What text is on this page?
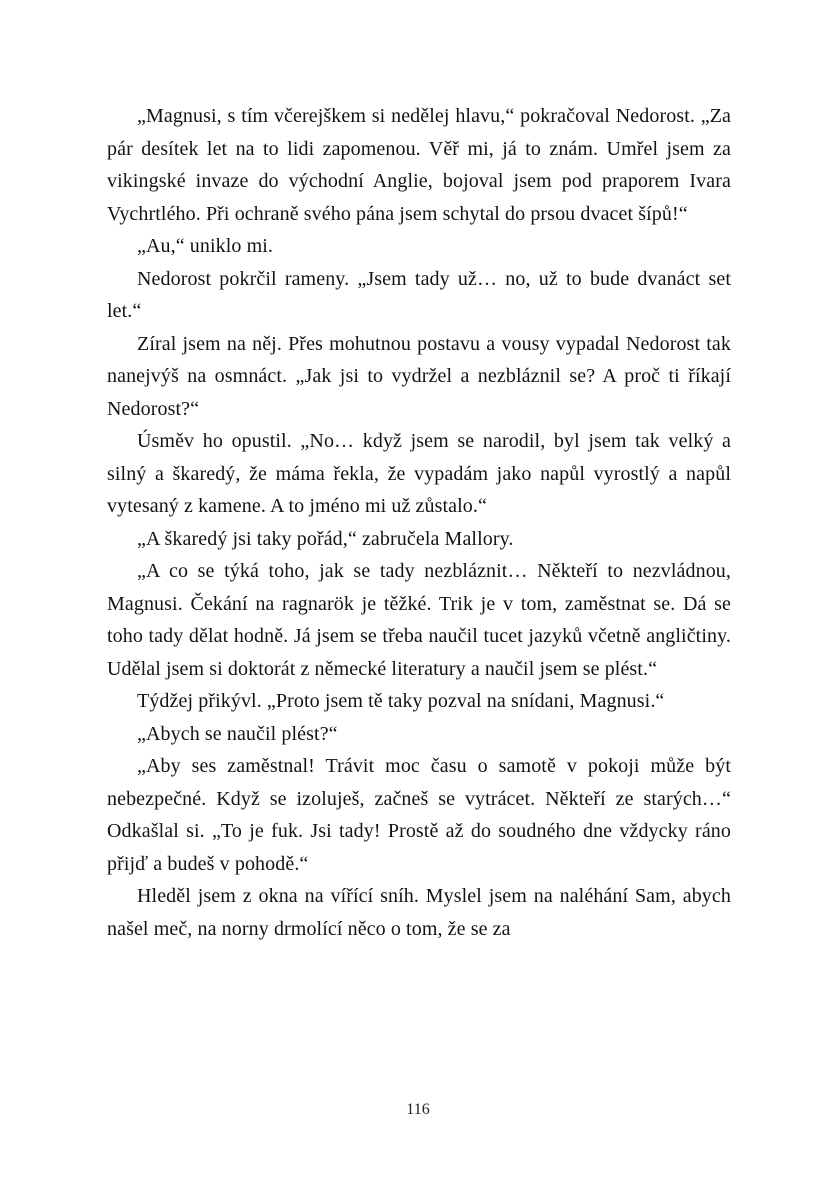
„Magnusi, s tím včerejškem si nedělej hlavu,“ pokračoval Nedorost. „Za pár desítek let na to lidi zapomenou. Věř mi, já to znám. Umřel jsem za vikingské invaze do východní Anglie, bojoval jsem pod praporem Ivara Vychrtlého. Při ochraně svého pána jsem schytal do prsou dvacet šípů!“

„Au,“ uniklo mi.

Nedorost pokrčil rameny. „Jsem tady už… no, už to bude dvanáct set let.“

Zíral jsem na něj. Přes mohutnou postavu a vousy vypadal Nedorost tak nanejvýš na osmnáct. „Jak jsi to vydržel a nezbláznil se? A proč ti říkají Nedorost?“

Úsměv ho opustil. „No… když jsem se narodil, byl jsem tak velký a silný a škaredý, že máma řekla, že vypadám jako napůl vyrostlý a napůl vytesaný z kamene. A to jméno mi už zůstalo.“

„A škaredý jsi taky pořád,“ zabručela Mallory.

„A co se týká toho, jak se tady nezbláznit… Někteří to nezvládnou, Magnusi. Čekání na ragnarök je těžké. Trik je v tom, zaměstnat se. Dá se toho tady dělat hodně. Já jsem se třeba naučil tucet jazyků včetně angličtiny. Udělal jsem si doktorát z německé literatury a naučil jsem se plést.“

Týdžej přikývl. „Proto jsem tě taky pozval na snídani, Magnusi.“

„Abych se naučil plést?“

„Aby ses zaměstnal! Trávit moc času o samotě v pokoji může být nebezpečné. Když se izoluješ, začneš se vytrácet. Někteří ze starých…“ Odkašlal si. „To je fuk. Jsi tady! Prostě až do soudného dne vždycky ráno přijď a budeš v pohodě.“

Hleděl jsem z okna na vířící sníh. Myslel jsem na naléhání Sam, abych našel meč, na norny drmolící něco o tom, že se za

116
